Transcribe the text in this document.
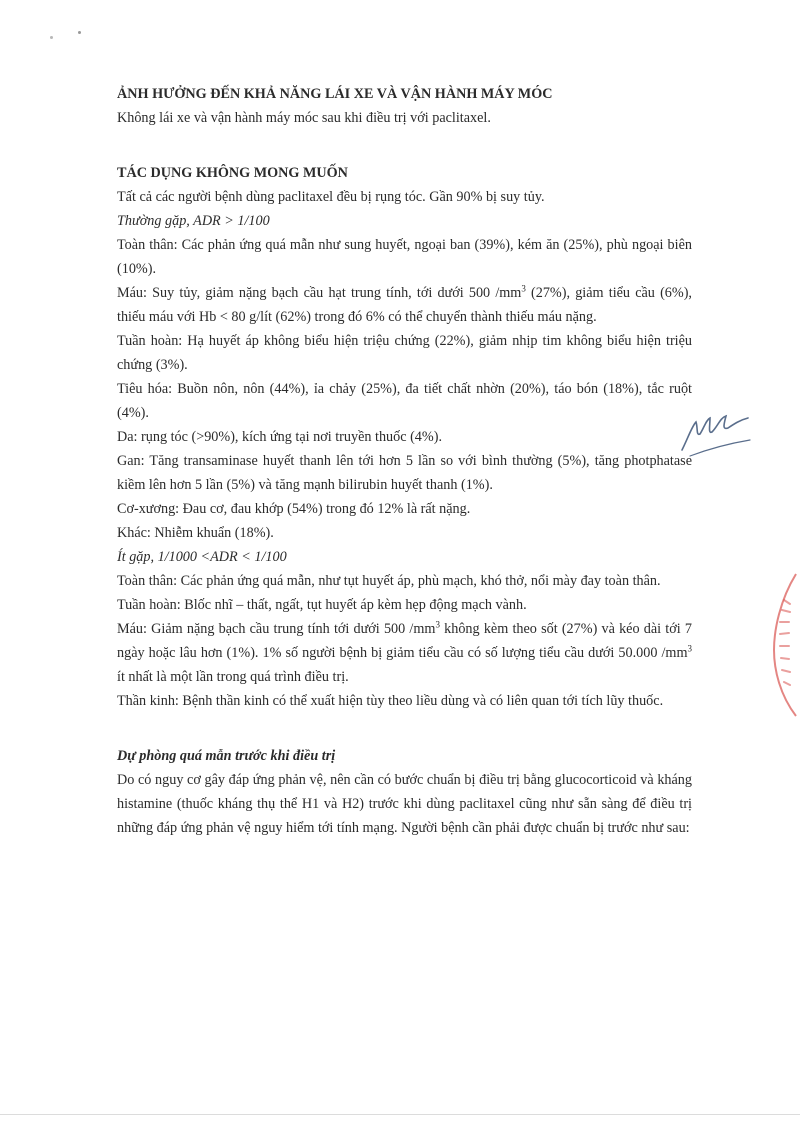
ẢNH HƯỞNG ĐẾN KHẢ NĂNG LÁI XE VÀ VẬN HÀNH MÁY MÓC

Không lái xe và vận hành máy móc sau khi điều trị với paclitaxel.

TÁC DỤNG KHÔNG MONG MUỐN

Tất cả các người bệnh dùng paclitaxel đều bị rụng tóc. Gần 90% bị suy tủy.

Thường gặp, ADR > 1/100

Toàn thân: Các phản ứng quá mẫn như sung huyết, ngoại ban (39%), kém ăn (25%), phù ngoại biên (10%).

Máu: Suy tủy, giảm nặng bạch cầu hạt trung tính, tới dưới 500 $/mm^3$ (27%), giảm tiểu cầu (6%), thiếu máu với Hb < 80 g/lít (62%) trong đó 6% có thể chuyển thành thiếu máu nặng.

Tuần hoàn: Hạ huyết áp không biểu hiện triệu chứng (22%), giảm nhịp tim không biểu hiện triệu chứng (3%).

Tiêu hóa: Buồn nôn, nôn (44%), ỉa chảy (25%), đa tiết chất nhờn (20%), táo bón (18%), tắc ruột (4%).

Da: rụng tóc (>90%), kích ứng tại nơi truyền thuốc (4%).

Gan: Tăng transaminase huyết thanh lên tới hơn 5 lần so với bình thường (5%), tăng photphatase kiềm lên hơn 5 lần (5%) và tăng mạnh bilirubin huyết thanh (1%).

Cơ-xương: Đau cơ, đau khớp (54%) trong đó 12% là rất nặng.

Khác: Nhiễm khuẩn (18%).

Ít gặp, 1/1000 <ADR < 1/100

Toàn thân: Các phản ứng quá mẫn, như tụt huyết áp, phù mạch, khó thở, nổi mày đay toàn thân.

Tuần hoàn: Blốc nhĩ – thất, ngất, tụt huyết áp kèm hẹp động mạch vành.

Máu: Giảm nặng bạch cầu trung tính tới dưới 500 $/mm^3$ không kèm theo sốt (27%) và kéo dài tới 7 ngày hoặc lâu hơn (1%). 1% số người bệnh bị giảm tiểu cầu có số lượng tiểu cầu dưới 50.000 $/mm^3$ ít nhất là một lần trong quá trình điều trị.

Thần kinh: Bệnh thần kinh có thể xuất hiện tùy theo liều dùng và có liên quan tới tích lũy thuốc.

Dự phòng quá mẫn trước khi điều trị

Do có nguy cơ gây đáp ứng phản vệ, nên cần có bước chuẩn bị điều trị bằng glucocorticoid và kháng histamine (thuốc kháng thụ thể H1 và H2) trước khi dùng paclitaxel cũng như sẵn sàng để điều trị những đáp ứng phản vệ nguy hiểm tới tính mạng. Người bệnh cần phải được chuẩn bị trước như sau:
